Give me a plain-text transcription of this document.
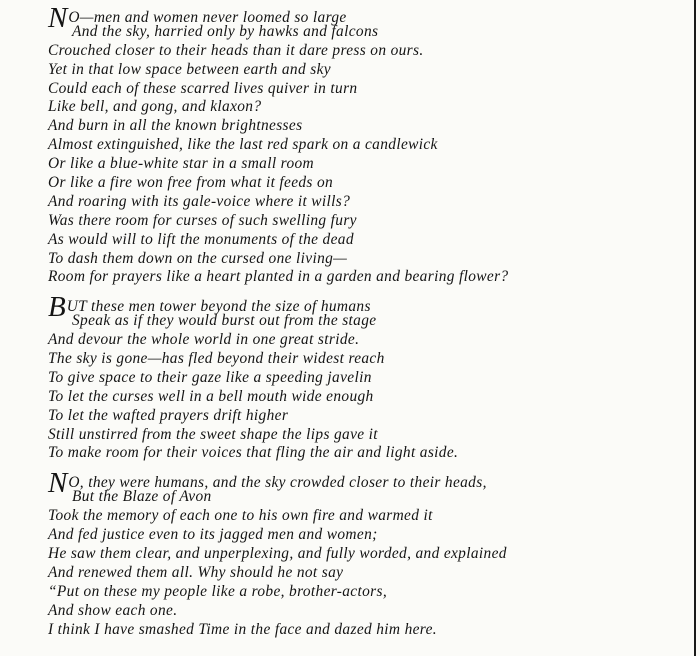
NO—men and women never loomed so large
And the sky, harried only by hawks and falcons
Crouched closer to their heads than it dare press on ours.
Yet in that low space between earth and sky
Could each of these scarred lives quiver in turn
Like bell, and gong, and klaxon?
And burn in all the known brightnesses
Almost extinguished, like the last red spark on a candlewick
Or like a blue-white star in a small room
Or like a fire won free from what it feeds on
And roaring with its gale-voice where it wills?
Was there room for curses of such swelling fury
As would will to lift the monuments of the dead
To dash them down on the cursed one living—
Room for prayers like a heart planted in a garden and bearing flower?
BUT these men tower beyond the size of humans
Speak as if they would burst out from the stage
And devour the whole world in one great stride.
The sky is gone—has fled beyond their widest reach
To give space to their gaze like a speeding javelin
To let the curses well in a bell mouth wide enough
To let the wafted prayers drift higher
Still unstirred from the sweet shape the lips gave it
To make room for their voices that fling the air and light aside.
NO, they were humans, and the sky crowded closer to their heads,
But the Blaze of Avon
Took the memory of each one to his own fire and warmed it
And fed justice even to its jagged men and women;
He saw them clear, and unperplexing, and fully worded, and explained
And renewed them all. Why should he not say
“Put on these my people like a robe, brother-actors,
And show each one.
I think I have smashed Time in the face and dazed him here.
